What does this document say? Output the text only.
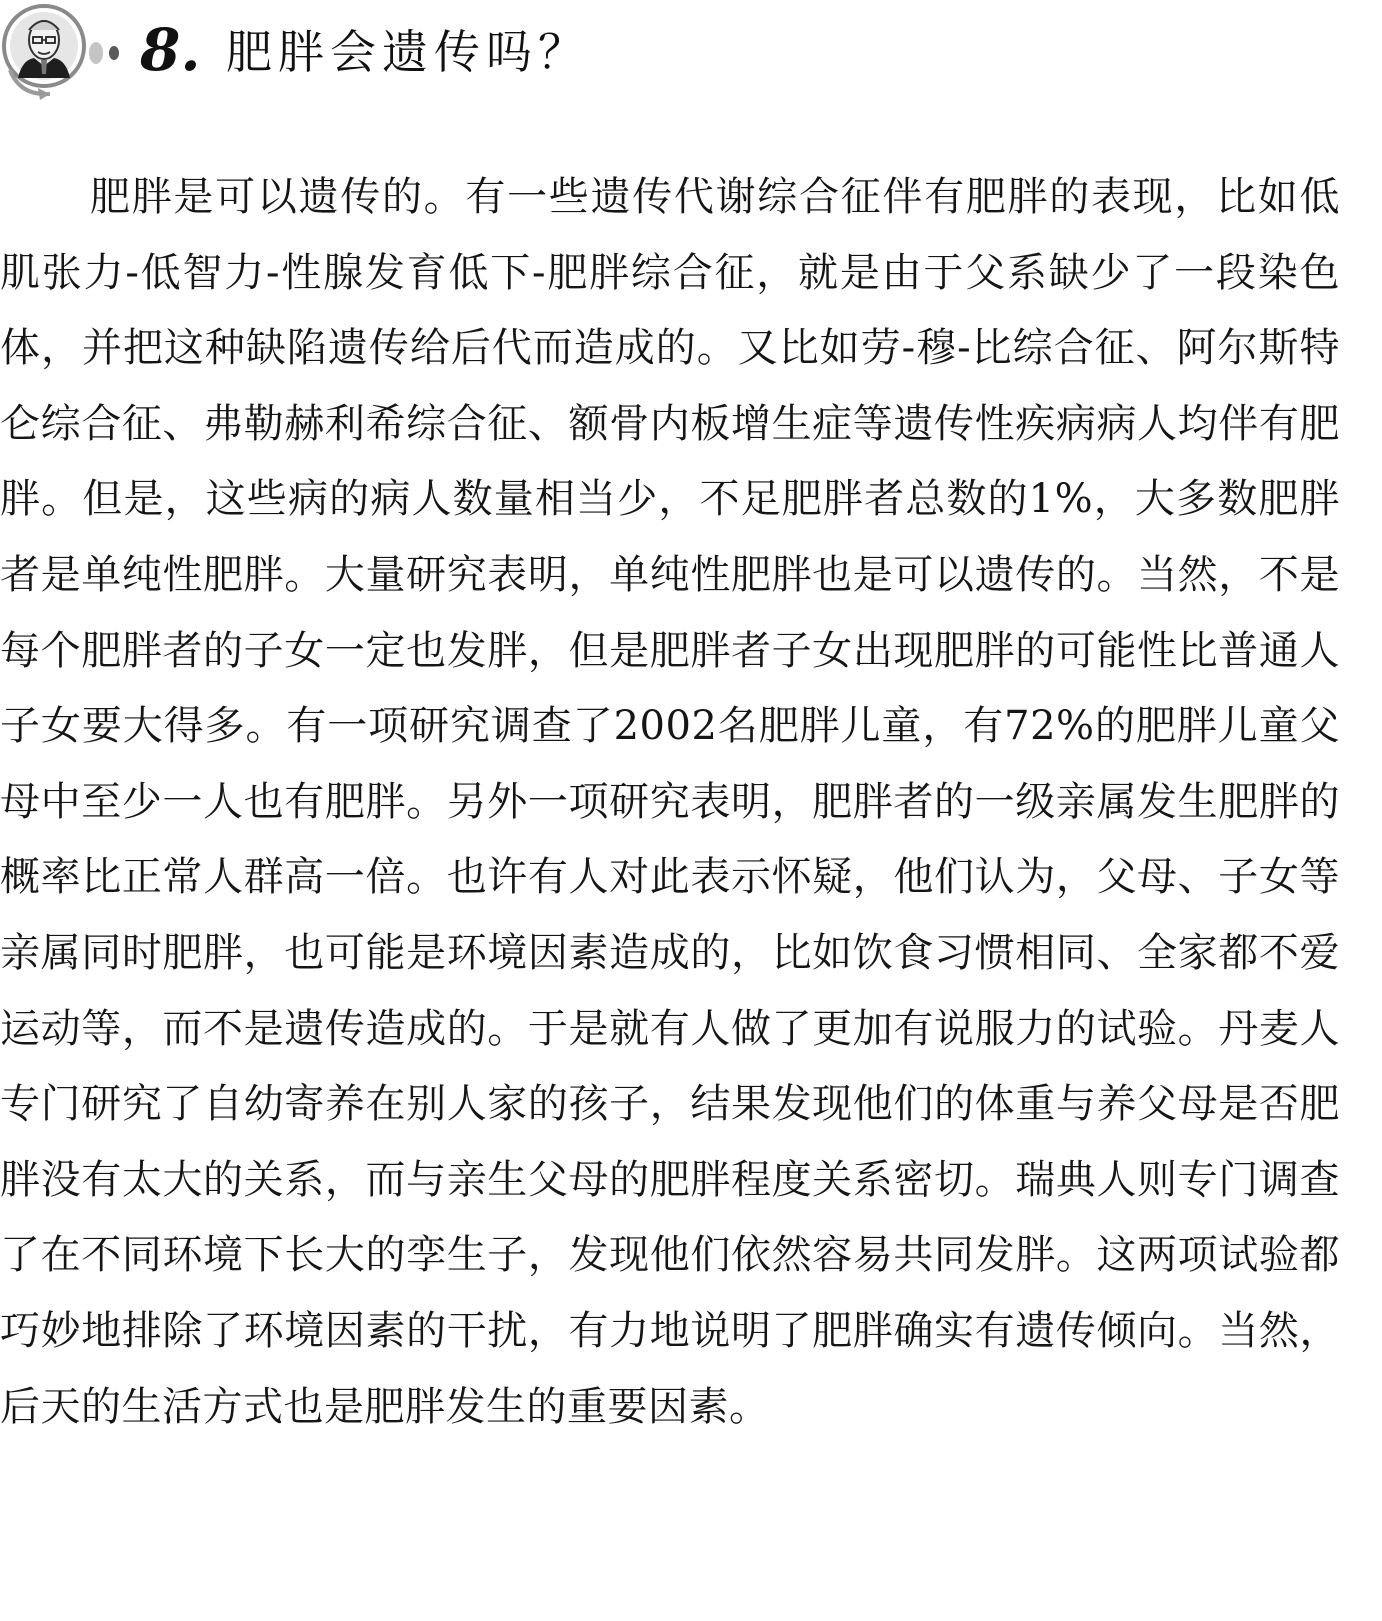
8. 肥胖会遗传吗？

肥胖是可以遗传的。有一些遗传代谢综合征伴有肥胖的表现，比如低肌张力-低智力-性腺发育低下-肥胖综合征，就是由于父系缺少了一段染色体，并把这种缺陷遗传给后代而造成的。又比如劳-穆-比综合征、阿尔斯特仑综合征、弗勒赫利希综合征、额骨内板增生症等遗传性疾病病人均伴有肥胖。但是，这些病的病人数量相当少，不足肥胖者总数的1%，大多数肥胖者是单纯性肥胖。大量研究表明，单纯性肥胖也是可以遗传的。当然，不是每个肥胖者的子女一定也发胖，但是肥胖者子女出现肥胖的可能性比普通人子女要大得多。有一项研究调查了2002名肥胖儿童，有72%的肥胖儿童父母中至少一人也有肥胖。另外一项研究表明，肥胖者的一级亲属发生肥胖的概率比正常人群高一倍。也许有人对此表示怀疑，他们认为，父母、子女等亲属同时肥胖，也可能是环境因素造成的，比如饮食习惯相同、全家都不爱运动等，而不是遗传造成的。于是就有人做了更加有说服力的试验。丹麦人专门研究了自幼寄养在别人家的孩子，结果发现他们的体重与养父母是否肥胖没有太大的关系，而与亲生父母的肥胖程度关系密切。瑞典人则专门调查了在不同环境下长大的孪生子，发现他们依然容易共同发胖。这两项试验都巧妙地排除了环境因素的干扰，有力地说明了肥胖确实有遗传倾向。当然，后天的生活方式也是肥胖发生的重要因素。
